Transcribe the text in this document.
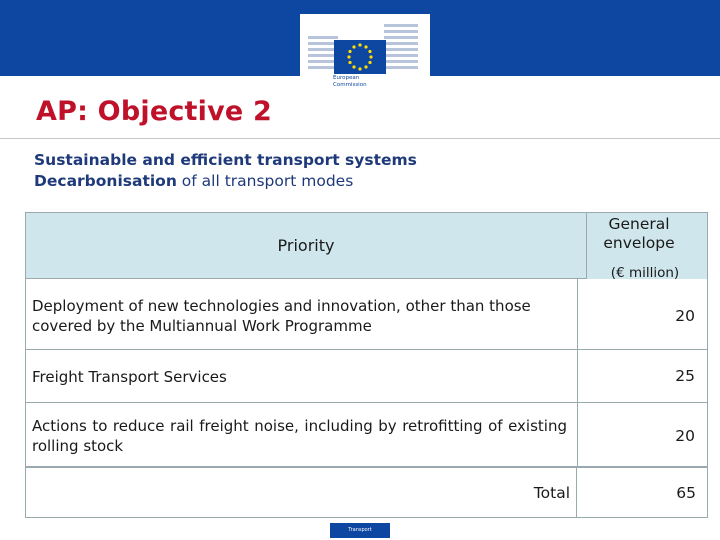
European
Commission
AP: Objective 2
Sustainable and efficient transport systems
Decarbonisation of all transport modes
Priority
General envelope
(€ million)
Deployment of new technologies and innovation, other than those covered by the Multiannual Work Programme
20
Freight Transport Services	25
Actions to reduce rail freight noise, including by retrofitting of existing rolling stock
20
Total	65
Transport
